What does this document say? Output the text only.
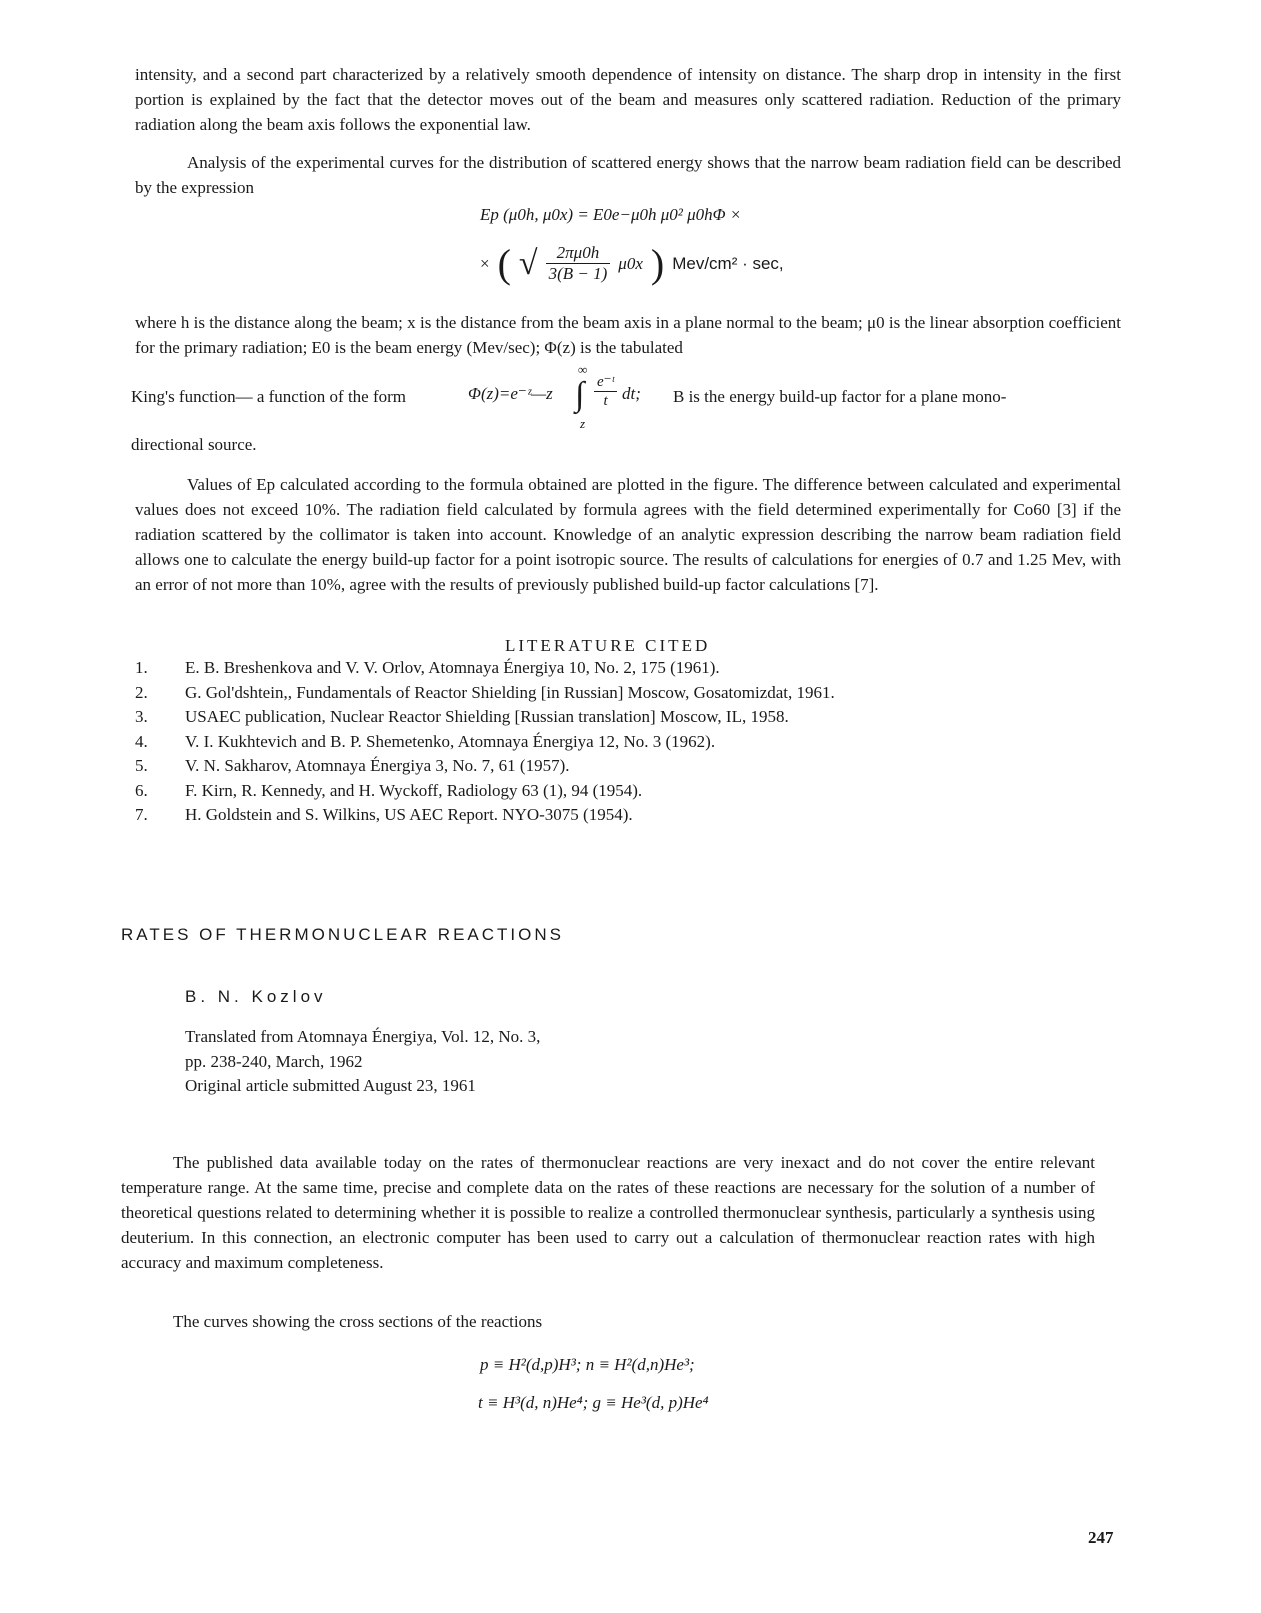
intensity, and a second part characterized by a relatively smooth dependence of intensity on distance. The sharp drop in intensity in the first portion is explained by the fact that the detector moves out of the beam and measures only scattered radiation. Reduction of the primary radiation along the beam axis follows the exponential law.

Analysis of the experimental curves for the distribution of scattered energy shows that the narrow beam radiation field can be described by the expression

Ep (μ0h, μ0x) = E0e−μ0h μ0² μ0hΦ ×
× ( √ $\frac{2\pi\mu 0h}{3(B - 1)} \mu 0x$ ) Mev/cm² · sec,

where h is the distance along the beam; x is the distance from the beam axis in a plane normal to the beam; μ0 is the linear absorption coefficient for the primary radiation; E0 is the beam energy (Mev/sec); Φ(z) is the tabulated

King's function— a function of the form	Φ(z)=e⁻ᶻ—z
∞
∫
z
$\frac{\text{e⁻ᵗ}}{t}$ dt; B is the energy build-up factor for a plane mono-
directional source.

Values of Ep calculated according to the formula obtained are plotted in the figure. The difference between calculated and experimental values does not exceed 10%. The radiation field calculated by formula agrees with the field determined experimentally for Co60 [3] if the radiation scattered by the collimator is taken into account. Knowledge of an analytic expression describing the narrow beam radiation field allows one to calculate the energy build-up factor for a point isotropic source. The results of calculations for energies of 0.7 and 1.25 Mev, with an error of not more than 10%, agree with the results of previously published build-up factor calculations [7].

LITERATURE CITED
1.	E. B. Breshenkova and V. V. Orlov, Atomnaya Énergiya 10, No. 2, 175 (1961).
2.	G. Gol'dshtein,, Fundamentals of Reactor Shielding [in Russian] Moscow, Gosatomizdat, 1961.
3.	USAEC publication, Nuclear Reactor Shielding [Russian translation] Moscow, IL, 1958.
4.	V. I. Kukhtevich and B. P. Shemetenko, Atomnaya Énergiya 12, No. 3 (1962).
5.	V. N. Sakharov, Atomnaya Énergiya 3, No. 7, 61 (1957).
6.	F. Kirn, R. Kennedy, and H. Wyckoff, Radiology 63 (1), 94 (1954).
7.	H. Goldstein and S. Wilkins, US AEC Report. NYO-3075 (1954).
RATES OF THERMONUCLEAR REACTIONS
B. N. Kozlov
Translated from Atomnaya Énergiya, Vol. 12, No. 3,
pp. 238-240, March, 1962
Original article submitted August 23, 1961

The published data available today on the rates of thermonuclear reactions are very inexact and do not cover the entire relevant temperature range. At the same time, precise and complete data on the rates of these reactions are necessary for the solution of a number of theoretical questions related to determining whether it is possible to realize a controlled thermonuclear synthesis, particularly a synthesis using deuterium. In this connection, an electronic computer has been used to carry out a calculation of thermonuclear reaction rates with high accuracy and maximum completeness.

The curves showing the cross sections of the reactions
p ≡ H²(d,p)H³; n ≡ H²(d,n)He³;
t ≡ H³(d, n)He⁴; g ≡ He³(d, p)He⁴
247
